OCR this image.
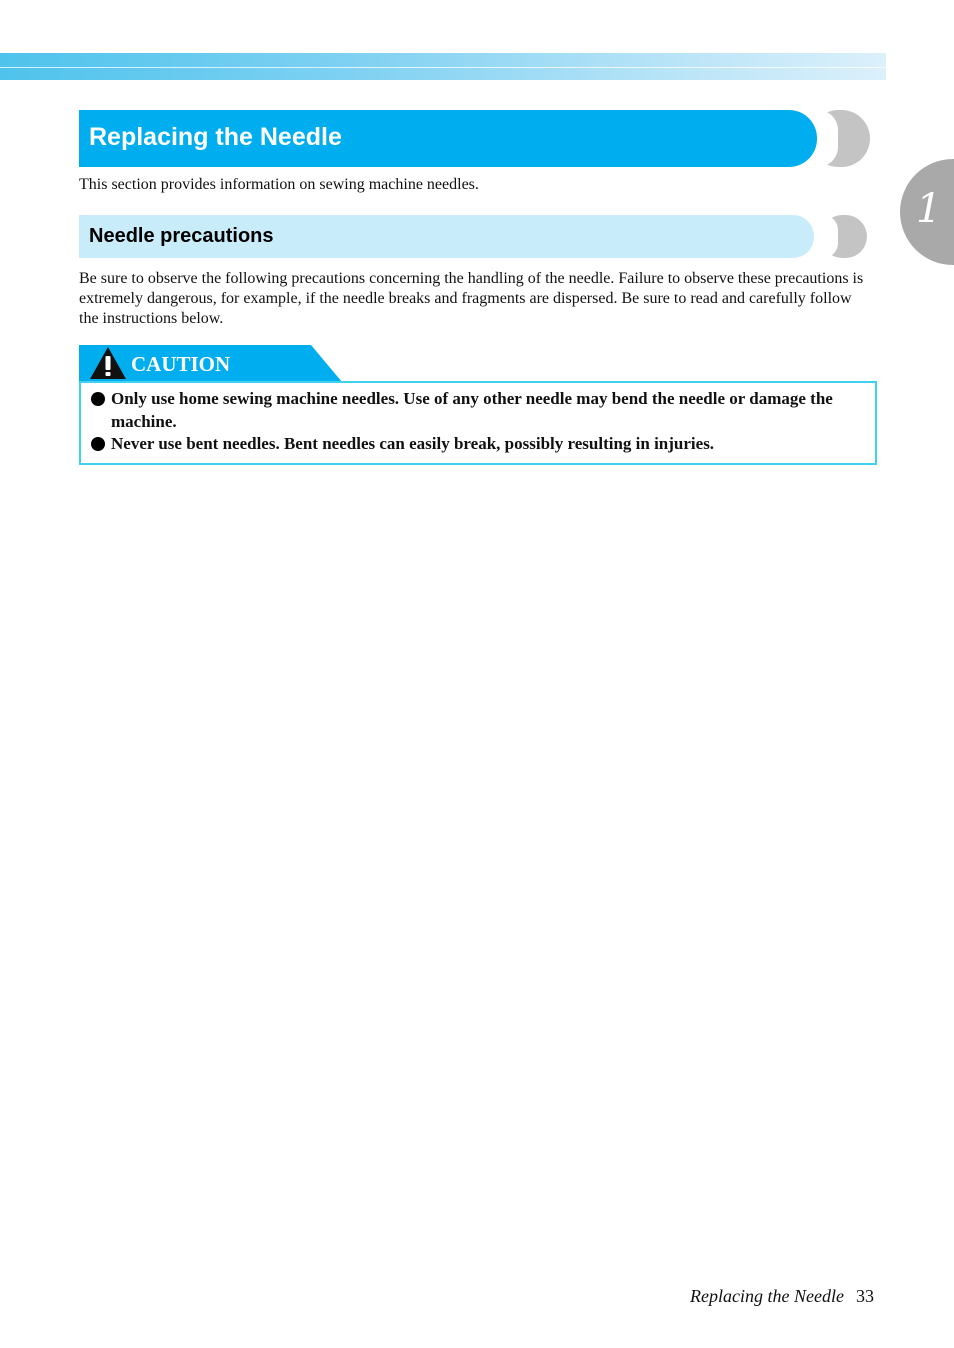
1
Replacing the Needle
This section provides information on sewing machine needles.
Needle precautions
Be sure to observe the following precautions concerning the handling of the needle. Failure to observe these precautions is extremely dangerous, for example, if the needle breaks and fragments are dispersed. Be sure to read and carefully follow the instructions below.
CAUTION
Only use home sewing machine needles. Use of any other needle may bend the needle or damage the machine.
Never use bent needles. Bent needles can easily break, possibly resulting in injuries.
Replacing the Needle 33
